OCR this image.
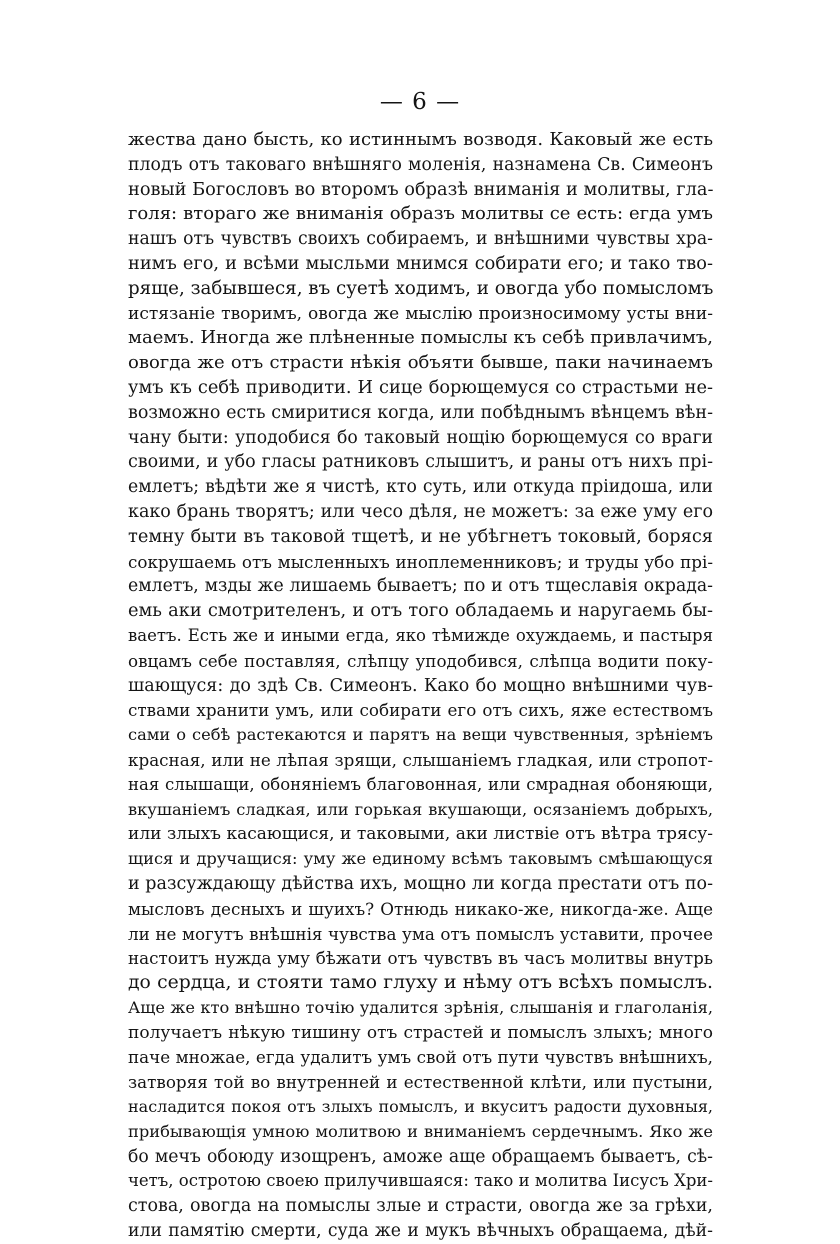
— 6 —
жества дано бысть, ко истиннымъ возводя. Каковый же есть
плодъ отъ таковаго внѣшняго моленія, назнамена Св. Симеонъ
новый Богословъ во второмъ образѣ вниманія и молитвы, гла-
голя: втораго же вниманія образъ молитвы се есть: егда умъ
нашъ отъ чувствъ своихъ собираемъ, и внѣшними чувствы хра-
нимъ его, и всѣми мысльми мнимся собирати его; и тако тво-
ряще, забывшеся, въ суетѣ ходимъ, и овогда убо помысломъ
истязаніе творимъ, овогда же мыслію произносимому усты вни-
маемъ. Иногда же плѣненные помыслы къ себѣ привлачимъ,
овогда же отъ страсти нѣкія объяти бывше, паки начинаемъ
умъ къ себѣ приводити. И сице борющемуся со страстьми не-
возможно есть смиритися когда, или побѣднымъ вѣнцемъ вѣн-
чану быти: уподобися бо таковый нощію борющемуся со враги
своими, и убо гласы ратниковъ слышитъ, и раны отъ нихъ прі-
емлетъ; вѣдѣти же я чистѣ, кто суть, или откуда пріидоша, или
како брань творятъ; или чесо дѣля, не можетъ: за еже уму его
темну быти въ таковой тщетѣ, и не убѣгнетъ токовый, боряся
сокрушаемь отъ мысленныхъ иноплеменниковъ; и труды убо прі-
емлетъ, мзды же лишаемь бываетъ; по и отъ тщеславія окрада-
емь аки смотрителенъ, и отъ того обладаемь и наругаемь бы-
ваетъ. Есть же и иными егда, яко тѣмиждe охуждаемь, и пастыря
овцамъ себе поставляя, слѣпцу уподобився, слѣпца водити поку-
шающуся: до здѣ Св. Симеонъ. Како бо мощно внѣшними чув-
ствами хранити умъ, или собирати его отъ сихъ, яже естествомъ
сами о себѣ растекаются и парятъ на вещи чувственныя, зрѣніемъ
красная, или не лѣпая зрящи, слышаніемъ гладкая, или стропот-
ная слышащи, обоняніемъ благовонная, или смрадная обоняющи,
вкушаніемъ сладкая, или горькая вкушающи, осязаніемъ добрыхъ,
или злыхъ касающися, и таковыми, аки листвіе отъ вѣтра трясу-
щися и дручащися: уму же единому всѣмъ таковымъ смѣшающуся
и разсуждающу дѣйства ихъ, мощно ли когда престати отъ по-
мысловъ десныхъ и шуихъ? Отнюдь никако-же, никогда-же. Аще
ли не могутъ внѣшнія чувства ума отъ помыслъ уставити, прочее
настоитъ нужда уму бѣжати отъ чувствъ въ часъ молитвы внутрь
до сердца, и стояти тамо глуху и нѣму отъ всѣхъ помыслъ.
Аще же кто внѣшно точію удалится зрѣнія, слышанія и глаголанія,
получаетъ нѣкую тишину отъ страстей и помыслъ злыхъ; много
паче множае, егда удалитъ умъ свой отъ пути чувствъ внѣшнихъ,
затворяя той во внутренней и естественной клѣти, или пустыни,
насладится покоя отъ злыхъ помыслъ, и вкуситъ радости духовныя,
прибывающія умною молитвою и вниманіемъ сердечнымъ. Яко же
бо мечъ обоюду изощренъ, аможе аще обращаемъ бываетъ, сѣ-
четъ, остротою своею прилучившаяся: тако и молитва Іисусъ Хри-
стова, овогда на помыслы злые и страсти, овогда же за грѣхи,
или памятію смерти, суда же и мукъ вѣчныхъ обращаема, дѣй-
